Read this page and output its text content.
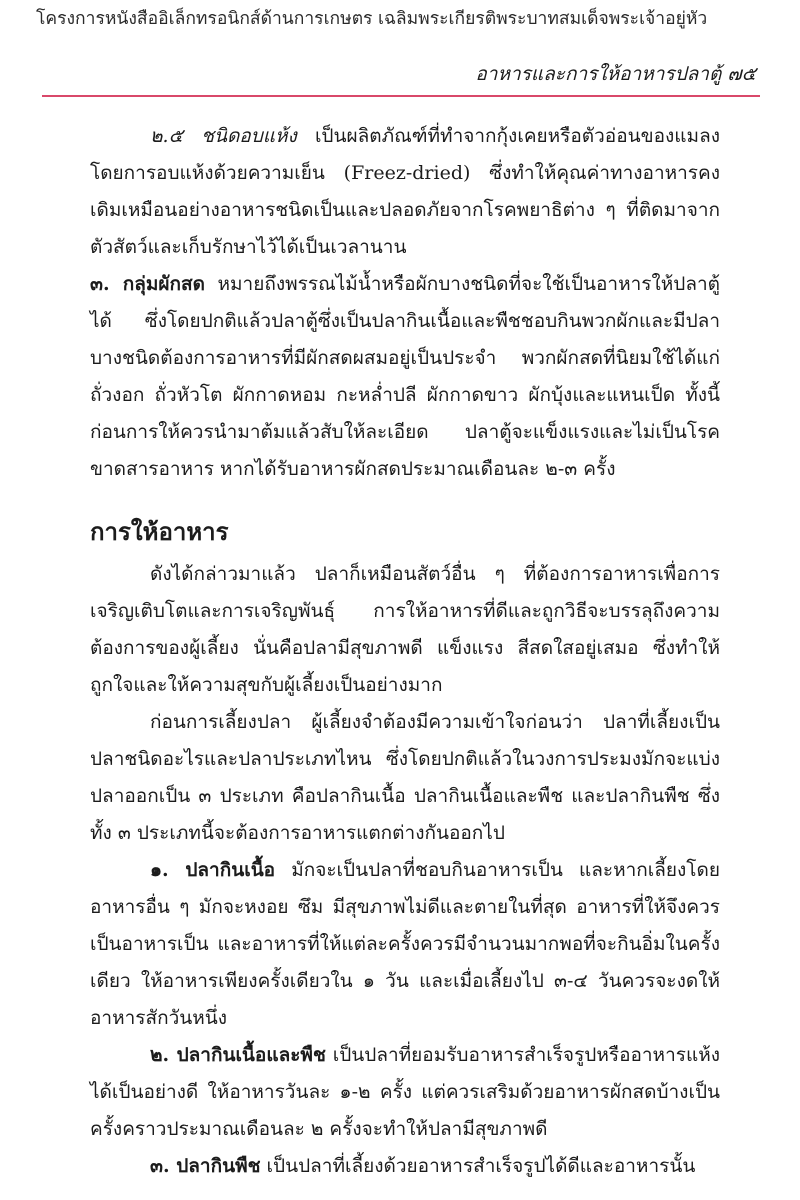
โครงการหนังสืออิเล็กทรอนิกส์ด้านการเกษตร เฉลิมพระเกียรติพระบาทสมเด็จพระเจ้าอยู่หัว
อาหารและการให้อาหารปลาตู้ ๗๕

๒.๕ ชนิดอบแห้ง เป็นผลิตภัณฑ์ที่ทำจากกุ้งเคยหรือตัวอ่อนของแมลงโดยการอบแห้งด้วยความเย็น (Freez-dried) ซึ่งทำให้คุณค่าทางอาหารคงเดิมเหมือนอย่างอาหารชนิดเป็นและปลอดภัยจากโรคพยาธิต่าง ๆ ที่ติดมาจากตัวสัตว์และเก็บรักษาไว้ได้เป็นเวลานาน

๓. กลุ่มผักสด หมายถึงพรรณไม้น้ำหรือผักบางชนิดที่จะใช้เป็นอาหารให้ปลาตู้ได้ ซึ่งโดยปกติแล้วปลาตู้ซึ่งเป็นปลากินเนื้อและพืชชอบกินพวกผักและมีปลาบางชนิดต้องการอาหารที่มีผักสดผสมอยู่เป็นประจำ พวกผักสดที่นิยมใช้ได้แก่ ถั่วงอก ถั่วหัวโต ผักกาดหอม กะหล่ำปลี ผักกาดขาว ผักบุ้งและแหนเป็ด ทั้งนี้ ก่อนการให้ควรนำมาต้มแล้วสับให้ละเอียด ปลาตู้จะแข็งแรงและไม่เป็นโรคขาดสารอาหาร หากได้รับอาหารผักสดประมาณเดือนละ ๒-๓ ครั้ง

การให้อาหาร

ดังได้กล่าวมาแล้ว ปลาก็เหมือนสัตว์อื่น ๆ ที่ต้องการอาหารเพื่อการเจริญเติบโตและการเจริญพันธุ์ การให้อาหารที่ดีและถูกวิธีจะบรรลุถึงความต้องการของผู้เลี้ยง นั่นคือปลามีสุขภาพดี แข็งแรง สีสดใสอยู่เสมอ ซึ่งทำให้ถูกใจและให้ความสุขกับผู้เลี้ยงเป็นอย่างมาก

ก่อนการเลี้ยงปลา ผู้เลี้ยงจำต้องมีความเข้าใจก่อนว่า ปลาที่เลี้ยงเป็นปลาชนิดอะไรและปลาประเภทไหน ซึ่งโดยปกติแล้วในวงการประมงมักจะแบ่งปลาออกเป็น ๓ ประเภท คือปลากินเนื้อ ปลากินเนื้อและพืช และปลากินพืช ซึ่งทั้ง ๓ ประเภทนี้จะต้องการอาหารแตกต่างกันออกไป

๑. ปลากินเนื้อ มักจะเป็นปลาที่ชอบกินอาหารเป็น และหากเลี้ยงโดยอาหารอื่น ๆ มักจะหงอย ซึม มีสุขภาพไม่ดีและตายในที่สุด อาหารที่ให้จึงควรเป็นอาหารเป็น และอาหารที่ให้แต่ละครั้งควรมีจำนวนมากพอที่จะกินอิ่มในครั้งเดียว ให้อาหารเพียงครั้งเดียวใน ๑ วัน และเมื่อเลี้ยงไป ๓-๔ วันควรจะงดให้อาหารสักวันหนึ่ง

๒. ปลากินเนื้อและพืช เป็นปลาที่ยอมรับอาหารสำเร็จรูปหรืออาหารแห้งได้เป็นอย่างดี ให้อาหารวันละ ๑-๒ ครั้ง แต่ควรเสริมด้วยอาหารผักสดบ้างเป็นครั้งคราวประมาณเดือนละ ๒ ครั้งจะทำให้ปลามีสุขภาพดี

๓. ปลากินพืช เป็นปลาที่เลี้ยงด้วยอาหารสำเร็จรูปได้ดีและอาหารนั้น
